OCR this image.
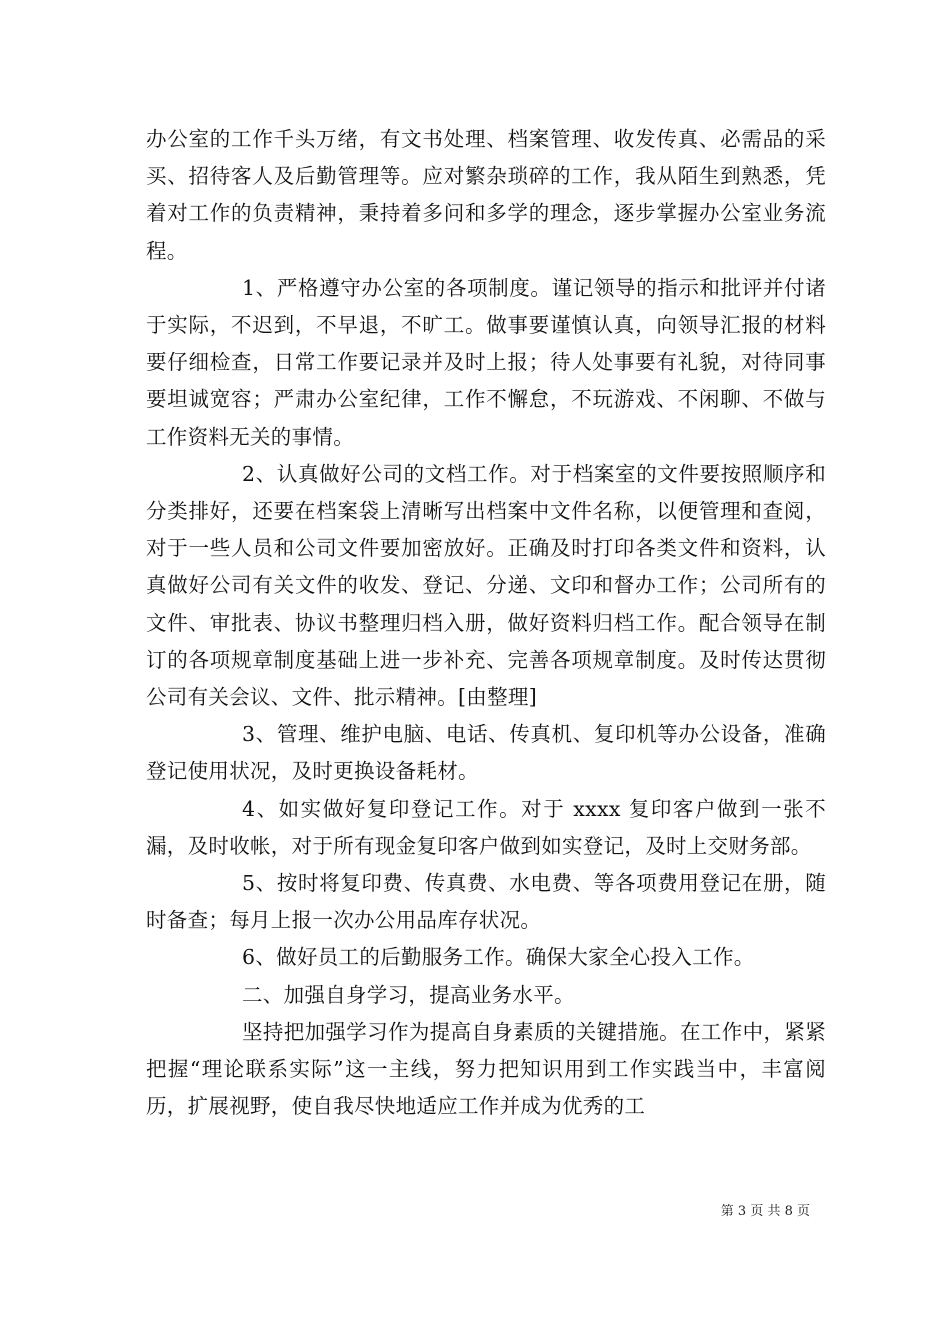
办公室的工作千头万绪，有文书处理、档案管理、收发传真、必需品的采买、招待客人及后勤管理等。应对繁杂琐碎的工作，我从陌生到熟悉，凭着对工作的负责精神，秉持着多问和多学的理念，逐步掌握办公室业务流程。

1、严格遵守办公室的各项制度。谨记领导的指示和批评并付诸于实际，不迟到，不早退，不旷工。做事要谨慎认真，向领导汇报的材料要仔细检查，日常工作要记录并及时上报；待人处事要有礼貌，对待同事要坦诚宽容；严肃办公室纪律，工作不懈怠，不玩游戏、不闲聊、不做与工作资料无关的事情。

2、认真做好公司的文档工作。对于档案室的文件要按照顺序和分类排好，还要在档案袋上清晰写出档案中文件名称，以便管理和查阅，对于一些人员和公司文件要加密放好。正确及时打印各类文件和资料，认真做好公司有关文件的收发、登记、分递、文印和督办工作；公司所有的文件、审批表、协议书整理归档入册，做好资料归档工作。配合领导在制订的各项规章制度基础上进一步补充、完善各项规章制度。及时传达贯彻公司有关会议、文件、批示精神。[由整理]

3、管理、维护电脑、电话、传真机、复印机等办公设备，准确登记使用状况，及时更换设备耗材。

4、如实做好复印登记工作。对于 xxxx 复印客户做到一张不漏，及时收帐，对于所有现金复印客户做到如实登记，及时上交财务部。

5、按时将复印费、传真费、水电费、等各项费用登记在册，随时备查；每月上报一次办公用品库存状况。

6、做好员工的后勤服务工作。确保大家全心投入工作。

二、加强自身学习，提高业务水平。

坚持把加强学习作为提高自身素质的关键措施。在工作中，紧紧把握“理论联系实际”这一主线，努力把知识用到工作实践当中，丰富阅历，扩展视野，使自我尽快地适应工作并成为优秀的工

第 3 页 共 8 页
